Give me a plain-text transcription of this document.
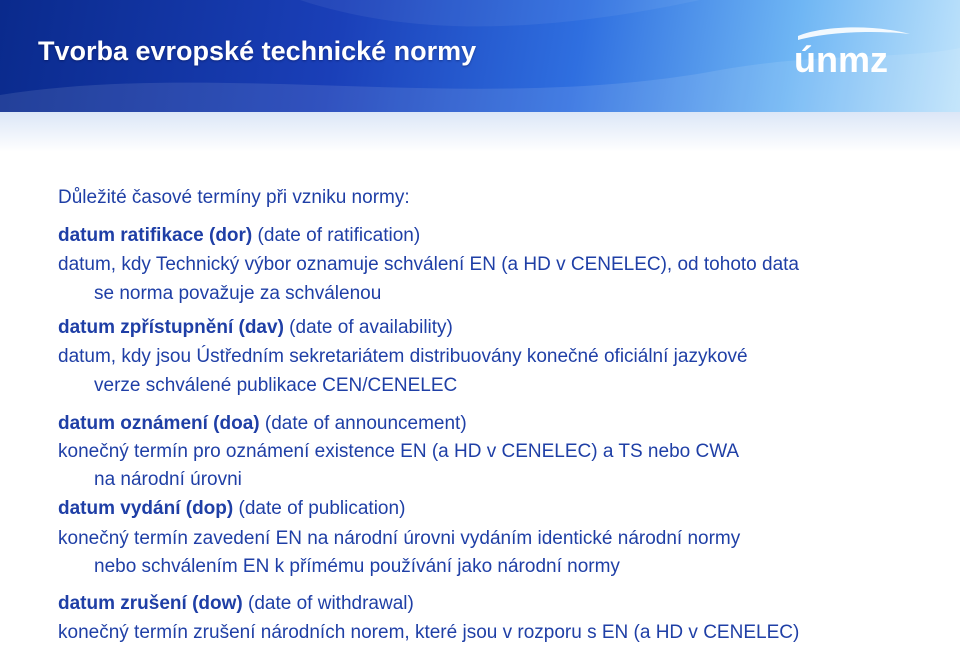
Tvorba evropské technické normy	únmz
Důležité časové termíny při vzniku normy:
datum ratifikace (dor) (date of ratification)
datum, kdy Technický výbor oznamuje schválení EN (a HD v CENELEC), od tohoto data
se norma považuje za schválenou
datum zpřístupnění (dav) (date of availability)
datum, kdy jsou Ústředním sekretariátem distribuovány konečné oficiální jazykové
verze schválené publikace CEN/CENELEC
datum oznámení (doa) (date of announcement)
konečný termín pro oznámení existence EN (a HD v CENELEC) a TS nebo CWA
na národní úrovni
datum vydání (dop) (date of publication)
konečný termín zavedení EN na národní úrovni vydáním identické národní normy
nebo schválením EN k přímému používání jako národní normy
datum zrušení (dow) (date of withdrawal)
konečný termín zrušení národních norem, které jsou v rozporu s EN (a HD v CENELEC)
